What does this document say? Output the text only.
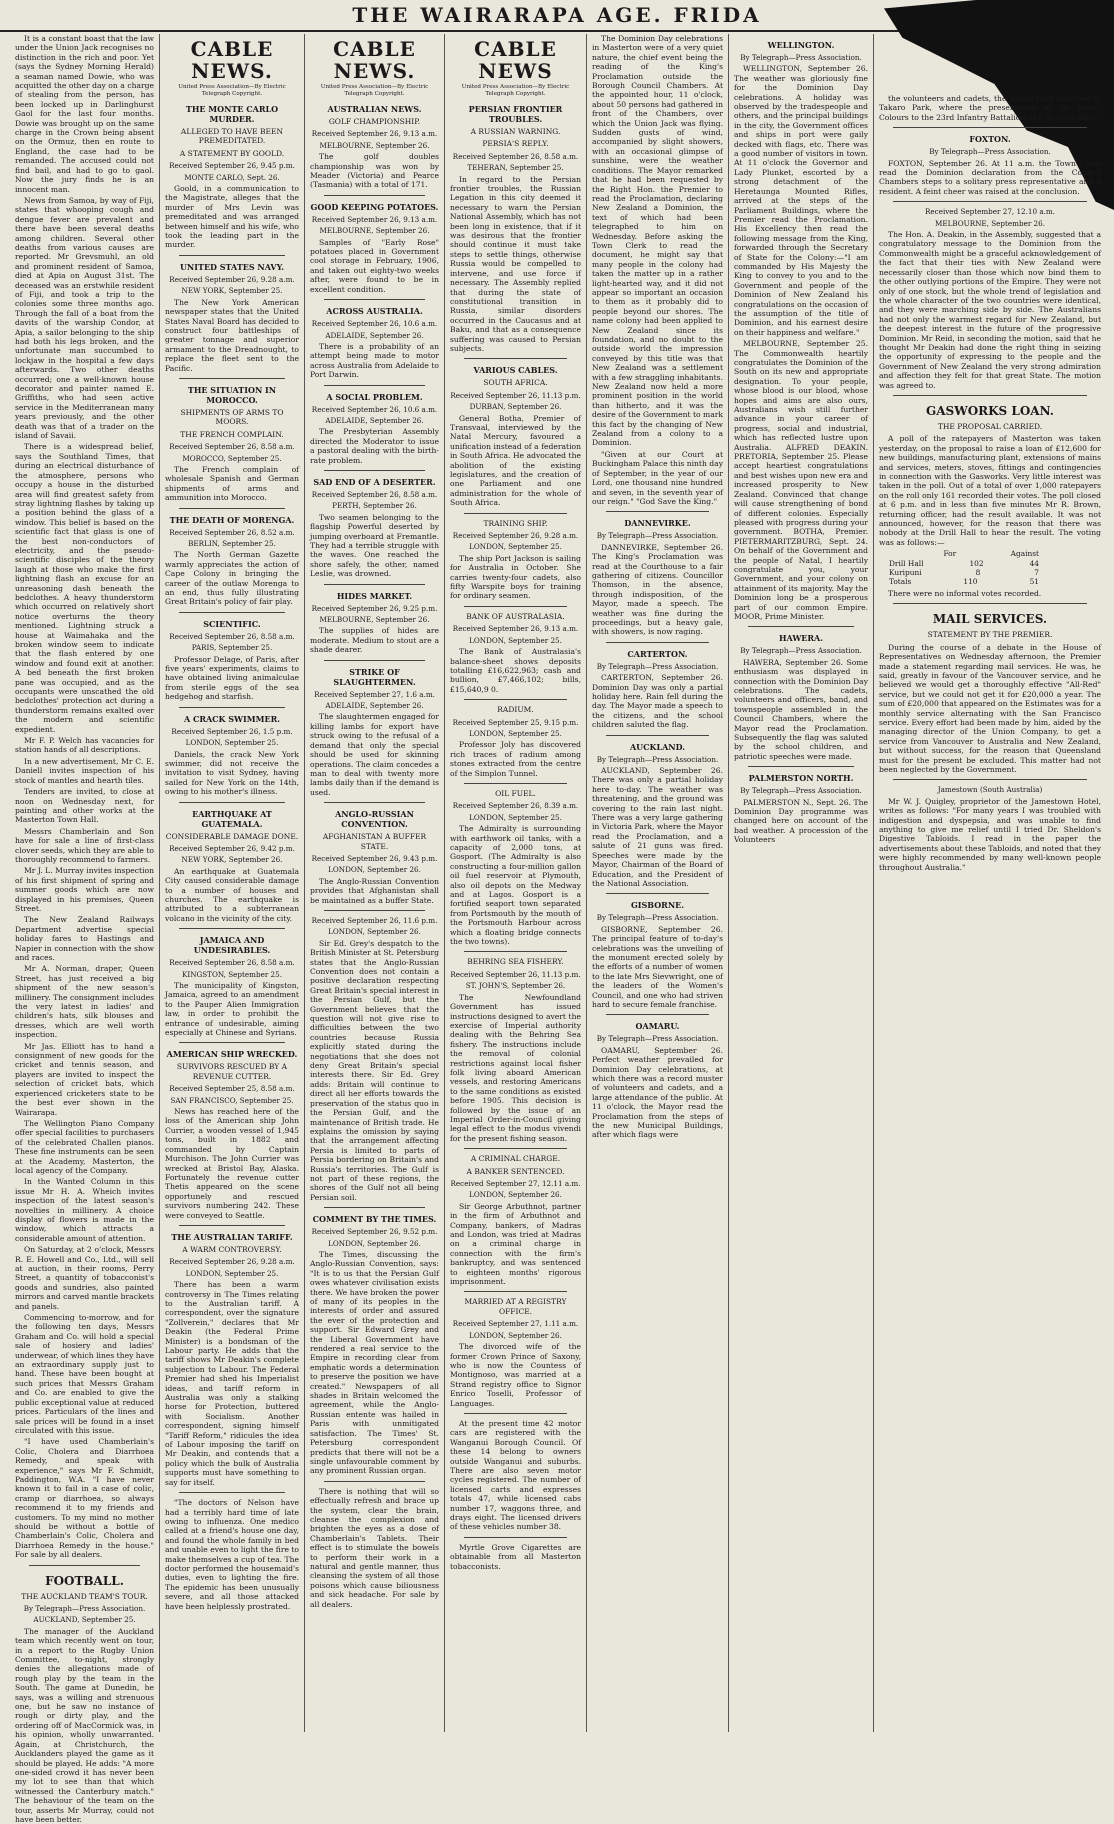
THE WAIRARAPA AGE. FRIDA

It is a constant boast that the law under the Union Jack recognises no distinction in the rich and poor. Yet (says the Sydney Morning Herald) a seaman named Dowie, who was acquitted the other day on a charge of stealing from the person, has been locked up in Darlinghurst Gaol for the last four months. Dowie was brought up on the same charge in the Crown being absent on the Ormuz, then en route to England, the case had to be remanded. The accused could not find bail, and had to go to gaol. Now the jury finds he is an innocent man.

News from Samoa, by way of Fiji, states that whooping cough and dengue fever are prevalent and there have been several deaths among children. Several other deaths from various causes are reported. Mr Grevsmuhl, an old and prominent resident of Samoa, died at Apia on August 31st. The deceased was an erstwhile resident of Fiji, and took a trip to the colonies some three months ago. Through the fall of a boat from the davits of the warship Condor, at Apia, a sailor belonging to the ship had both his legs broken, and the unfortunate man succumbed to lockjaw in the hospital a few days afterwards. Two other deaths occurred; one a well-known house decorator and painter named E. Griffiths, who had seen active service in the Mediterranean many years previously, and the other death was that of a trader on the island of Savaii.

There is a widespread belief, says the Southland Times, that during an electrical disturbance of the atmosphere, persons who occupy a house in the disturbed area will find greatest safety from stray lightning flashes by taking up a position behind the glass of a window. This belief is based on the scientific fact that glass is one of the best non-conductors of electricity, and the pseudo-scientific disciples of the theory laugh at those who make the first lightning flash an excuse for an unreasoning dash beneath the bedclothes. A heavy thunderstorm which occurred on relatively short notice overturns the theory mentioned. Lightning struck a house at Waimahaka and the broken window seem to indicate that the flash entered by one window and found exit at another. A bed beneath the first broken pane was occupied, and as the occupants were unscathed the old bedclothes' protection act during a thunderstorm remains exalted over the modern and scientific expedient.

Mr F. P. Welch has vacancies for station hands of all descriptions.

In a new advertisement, Mr C. E. Daniell invites inspection of his stock of mantles and hearth tiles.

Tenders are invited, to close at noon on Wednesday next, for painting and other works at the Masterton Town Hall.

Messrs Chamberlain and Son have for sale a line of first-class clover seeds, which they are able to thoroughly recommend to farmers.

Mr J. L. Murray invites inspection of his first shipment of spring and summer goods which are now displayed in his premises, Queen Street.

The New Zealand Railways Department advertise special holiday fares to Hastings and Napier in connection with the show and races.

Mr A. Norman, draper, Queen Street, has just received a big shipment of the new season's millinery. The consignment includes the very latest in ladies' and children's hats, silk blouses and dresses, which are well worth inspection.

Mr Jas. Elliott has to hand a consignment of new goods for the cricket and tennis season, and players are invited to inspect the selection of cricket bats, which experienced cricketers state to be the best ever shown in the Wairarapa.

The Wellington Piano Company offer special facilities to purchasers of the celebrated Challen pianos. These fine instruments can be seen at the Academy, Masterton, the local agency of the Company.

In the Wanted Column in this issue Mr H. A. Wheich invites inspection of the latest season's novelties in millinery. A choice display of flowers is made in the window, which attracts a considerable amount of attention.

On Saturday, at 2 o'clock, Messrs R. E. Howell and Co., Ltd., will sell at auction, in their rooms, Perry Street, a quantity of tobacconist's goods and sundries, also painted mirrors and carved mantle brackets and panels.

Commencing to-morrow, and for the following ten days, Messrs Graham and Co. will hold a special sale of hosiery and ladies' underwear, of which lines they have an extraordinary supply just to hand. These have been bought at such prices that Messrs Graham and Co. are enabled to give the public exceptional value at reduced prices. Particulars of the lines and sale prices will be found in a inset circulated with this issue.

"I have used Chamberlain's Colic, Cholera and Diarrhoea Remedy, and speak with experience," says Mr F. Schmidt, Paddington, W.A. "I have never known it to fail in a case of colic, cramp or diarrhoea, so always recommend it to my friends and customers. To my mind no mother should be without a bottle of Chamberlain's Colic, Cholera and Diarrhoea Remedy in the house." For sale by all dealers.

FOOTBALL.
THE AUCKLAND TEAM'S TOUR.
By Telegraph—Press Association.
AUCKLAND, September 25.

The manager of the Auckland team which recently went on tour, in a report to the Rugby Union Committee, to-night, strongly denies the allegations made of rough play by the team in the South. The game at Dunedin, he says, was a willing and strenuous one, but he saw no instance of rough or dirty play, and the ordering off of MacCormick was, in his opinion, wholly unwarranted. Again, at Christchurch, the Aucklanders played the game as it should be played. He adds: "A more one-sided crowd it has never been my lot to see than that which witnessed the Canterbury match." The behaviour of the team on the tour, asserts Mr Murray, could not have been better.

CABLE NEWS.
United Press Association—By Electric Telegraph Copyright.
THE MONTE CARLO MURDER.
ALLEGED TO HAVE BEEN PREMEDITATED.
A STATEMENT BY GOOLD.
Received September 26, 9.45 p.m.
MONTE CARLO, Sept. 26.

Goold, in a communication to the Magistrate, alleges that the murder of Mrs Levin was premeditated and was arranged between himself and his wife, who took the leading part in the murder.

UNITED STATES NAVY.
Received September 26, 9.28 a.m.
NEW YORK, September 25.

The New York American newspaper states that the United States Naval Board has decided to construct four battleships of greater tonnage and superior armament to the Dreadnought, to replace the fleet sent to the Pacific.

THE SITUATION IN MOROCCO.
SHIPMENTS OF ARMS TO MOORS.
THE FRENCH COMPLAIN.
Received September 26, 8.58 a.m.
MOROCCO, September 25.

The French complain of wholesale Spanish and German shipments of arms and ammunition into Morocco.

THE DEATH OF MORENGA.
Received September 26, 8.52 a.m.
BERLIN, September 25.

The North German Gazette warmly appreciates the action of Cape Colony in bringing the career of the outlaw Morenga to an end, thus fully illustrating Great Britain's policy of fair play.

SCIENTIFIC.
Received September 26, 8.58 a.m.
PARIS, September 25.

Professor Delage, of Paris, after five years' experiments, claims to have obtained living animalculae from sterile eggs of the sea hedgehog and starfish.

A CRACK SWIMMER.
Received September 26, 1.5 p.m.
LONDON, September 25.

Daniels, the crack New York swimmer, did not receive the invitation to visit Sydney, having sailed for New York on the 14th, owing to his mother's illness.

EARTHQUAKE AT GUATEMALA.
CONSIDERABLE DAMAGE DONE.
Received September 26, 9.42 p.m.
NEW YORK, September 26.

An earthquake at Guatemala City caused considerable damage to a number of houses and churches. The earthquake is attributed to a subterranean volcano in the vicinity of the city.

JAMAICA AND UNDESIRABLES.
Received September 26, 8.58 a.m.
KINGSTON, September 25.

The municipality of Kingston, Jamaica, agreed to an amendment to the Pauper Alien Immigration law, in order to prohibit the entrance of undesirable, aiming especially at Chinese and Syrians.

AMERICAN SHIP WRECKED.
SURVIVORS RESCUED BY A REVENUE CUTTER.
Received September 25, 8.58 a.m.
SAN FRANCISCO, September 25.

News has reached here of the loss of the American ship John Currier, a wooden vessel of 1,945 tons, built in 1882 and commanded by Captain Murchison. The John Currier was wrecked at Bristol Bay, Alaska. Fortunately the revenue cutter Thetis appeared on the scene opportunely and rescued survivors numbering 242. These were conveyed to Seattle.

THE AUSTRALIAN TARIFF.
A WARM CONTROVERSY.
Received September 26, 9.28 a.m.
LONDON, September 25.

There has been a warm controversy in The Times relating to the Australian tariff. A correspondent, over the signature "Zollverein," declares that Mr Deakin (the Federal Prime Minister) is a bondsman of the Labour party. He adds that the tariff shows Mr Deakin's complete subjection to Labour. The Federal Premier had shed his Imperialist ideas, and tariff reform in Australia was only a stalking horse for Protection, buttered with Socialism. Another correspondent, signing himself "Tariff Reform," ridicules the idea of Labour imposing the tariff on Mr Deakin, and contends that a policy which the bulk of Australia supports must have something to say for itself.

"The doctors of Nelson have had a terribly hard time of late owing to influenza. One medico called at a friend's house one day, and found the whole family in bed and unable even to light the fire to make themselves a cup of tea. The doctor performed the housemaid's duties, even to lighting the fire. The epidemic has been unusually severe, and all those attacked have been helplessly prostrated.

CABLE NEWS.
United Press Association—By Electric Telegraph Copyright.
AUSTRALIAN NEWS.
GOLF CHAMPIONSHIP.
Received September 26, 9.13 a.m.
MELBOURNE, September 26.

The golf doubles championship was won by Meader (Victoria) and Pearce (Tasmania) with a total of 171.

GOOD KEEPING POTATOES.
Received September 26, 9.13 a.m.
MELBOURNE, September 26.

Samples of "Early Rose" potatoes placed in Government cool storage in February, 1906, and taken out eighty-two weeks after, were found to be in excellent condition.

ACROSS AUSTRALIA.
Received September 26, 10.6 a.m.
ADELAIDE, September 26.

There is a probability of an attempt being made to motor across Australia from Adelaide to Port Darwin.

A SOCIAL PROBLEM.
Received September 26, 10.6 a.m.
ADELAIDE, September 26.

The Presbyterian Assembly directed the Moderator to issue a pastoral dealing with the birth-rate problem.

SAD END OF A DESERTER.
Received September 26, 8.58 a.m.
PERTH, September 26.

Two seamen belonging to the flagship Powerful deserted by jumping overboard at Fremantle. They had a terrible struggle with the waves. One reached the shore safely, the other, named Leslie, was drowned.

HIDES MARKET.
Received September 26, 9.25 p.m.
MELBOURNE, September 26.

The supplies of hides are moderate. Medium to stout are a shade dearer.

STRIKE OF SLAUGHTERMEN.
Received September 27, 1.6 a.m.
ADELAIDE, September 26.

The slaughtermen engaged for killing lambs for export have struck owing to the refusal of a demand that only the special should be used for skinning operations. The claim concedes a man to deal with twenty more lambs daily than if the demand is used.

ANGLO-RUSSIAN CONVENTION.
AFGHANISTAN A BUFFER STATE.
Received September 26, 9.43 p.m.
LONDON, September 26.

The Anglo-Russian Convention provides that Afghanistan shall be maintained as a buffer State.

Received September 26, 11.6 p.m.
LONDON, September 26.

Sir Ed. Grey's despatch to the British Minister at St. Petersburg states that the Anglo-Russian Convention does not contain a positive declaration respecting Great Britain's special interest in the Persian Gulf, but the Government believes that the question will not give rise to difficulties between the two countries because Russia explicitly stated during the negotiations that she does not deny Great Britain's special interests there. Sir Ed. Grey adds: Britain will continue to direct all her efforts towards the preservation of the status quo in the Persian Gulf, and the maintenance of British trade. He explains the omission by saying that the arrangement affecting Persia is limited to parts of Persia bordering on Britain's and Russia's territories. The Gulf is not part of these regions, the shores of the Gulf not all being Persian soil.

COMMENT BY THE TIMES.
Received September 26, 9.52 p.m.
LONDON, September 26.

The Times, discussing the Anglo-Russian Convention, says: "It is to us that the Persian Gulf owes whatever civilisation exists there. We have broken the power of many of its peoples in the interests of order and assured the ever of the protection and support. Sir Edward Grey and the Liberal Government have rendered a real service to the Empire in recording clear from emphatic words a determination to preserve the position we have created." Newspapers of all shades in Britain welcomed the agreement, while the Anglo-Russian entente was hailed in Paris with unmitigated satisfaction. The Times' St. Petersburg correspondent predicts that there will not be a single unfavourable comment by any prominent Russian organ.

There is nothing that will so effectually refresh and brace up the system, clear the brain, cleanse the complexion and brighten the eyes as a dose of Chamberlain's Tablets. Their effect is to stimulate the bowels to perform their work in a natural and gentle manner, thus cleansing the system of all those poisons which cause biliousness and sick headache. For sale by all dealers.

CABLE NEWS
United Press Association—By Electric Telegraph Copyright.
PERSIAN FRONTIER TROUBLES.
A RUSSIAN WARNING.
PERSIA'S REPLY.
Received September 26, 8.58 a.m.
TEHERAN, September 25.

In regard to the Persian frontier troubles, the Russian Legation in this city deemed it necessary to warn the Persian National Assembly, which has not been long in existence, that if it was desirous that the frontier should continue it must take steps to settle things, otherwise Russia would be compelled to intervene, and use force if necessary. The Assembly replied that during the state of constitutional transition in Russia, similar disorders occurred in the Caucasus and at Baku, and that as a consequence suffering was caused to Persian subjects.

VARIOUS CABLES.
SOUTH AFRICA.
Received September 26, 11.13 p.m.
DURBAN, September 26.

General Botha, Premier of Transvaal, interviewed by the Natal Mercury, favoured a unification instead of a federation in South Africa. He advocated the abolition of the existing legislatures, and the creation of one Parliament and one administration for the whole of South Africa.

TRAINING SHIP.
Received September 26, 9.28 a.m.
LONDON, September 25.

The ship Port Jackson is sailing for Australia in October. She carries twenty-four cadets, also fifty Warspite boys for training for ordinary seamen.

BANK OF AUSTRALASIA.
Received September 26, 9.13 a.m.
LONDON, September 25.

The Bank of Australasia's balance-sheet shows deposits totalling £16,622,963; cash and bullion, £7,466,102; bills, £15,640,9 0.

RADIUM.
Received September 25, 9.15 p.m.
LONDON, September 25.

Professor Joly has discovered rich traces of radium among stones extracted from the centre of the Simplon Tunnel.

OIL FUEL.
Received September 26, 8.39 a.m.
LONDON, September 25.

The Admiralty is surrounding with earthwork oil tanks, with a capacity of 2,000 tons, at Gosport. (The Admiralty is also constructing a four-million gallon oil fuel reservoir at Plymouth, also oil depots on the Medway and at Lagos. Gosport is a fortified seaport town separated from Portsmouth by the mouth of the Portsmouth Harbour across which a floating bridge connects the two towns).

BEHRING SEA FISHERY.
Received September 26, 11.13 p.m.
ST. JOHN'S, September 26.

The Newfoundland Government has issued instructions designed to avert the exercise of Imperial authority dealing with the Behring Sea fishery. The instructions include the removal of colonial restrictions against local fisher folk living aboard American vessels, and restoring Americans to the same conditions as existed before 1905. This decision is followed by the issue of an Imperial Order-in-Council giving legal effect to the modus vivendi for the present fishing season.

A CRIMINAL CHARGE.
A BANKER SENTENCED.
Received September 27, 12.11 a.m.
LONDON, September 26.

Sir George Arbuthnot, partner in the firm of Arbuthnot and Company, bankers, of Madras and London, was tried at Madras on a criminal charge in connection with the firm's bankruptcy, and was sentenced to eighteen months' rigorous imprisonment.

MARRIED AT A REGISTRY OFFICE.
Received September 27, 1.11 a.m.
LONDON, September 26.

The divorced wife of the former Crown Prince of Saxony, who is now the Countess of Montignoso, was married at a Strand registry office to Signor Enrico Toselli, Professor of Languages.

At the present time 42 motor cars are registered with the Wanganui Borough Council. Of these 14 belong to owners outside Wanganui and suburbs. There are also seven motor cycles registered. The number of licensed carts and expresses totals 47, while licensed cabs number 17, waggons three, and drays eight. The licensed drivers of these vehicles number 38.

Myrtle Grove Cigarettes are obtainable from all Masterton tobacconists.

The Dominion Day celebrations in Masterton were of a very quiet nature, the chief event being the reading of the King's Proclamation outside the Borough Council Chambers. At the appointed hour, 11 o'clock, about 50 persons had gathered in front of the Chambers, over which the Union Jack was flying. Sudden gusts of wind, accompanied by slight showers, with an occasional glimpse of sunshine, were the weather conditions. The Mayor remarked that he had been requested by the Right Hon. the Premier to read the Proclamation, declaring New Zealand a Dominion, the text of which had been telegraphed to him on Wednesday. Before asking the Town Clerk to read the document, he might say that many people in the colony had taken the matter up in a rather light-hearted way, and it did not appear so important an occasion to them as it probably did to people beyond our shores. The name colony had been applied to New Zealand since its foundation, and no doubt to the outside world the impression conveyed by this title was that New Zealand was a settlement with a few straggling inhabitants. New Zealand now held a more prominent position in the world than hitherto, and it was the desire of the Government to mark this fact by the changing of New Zealand from a colony to a Dominion.

"Given at our Court at Buckingham Palace this ninth day of September, in the year of our Lord, one thousand nine hundred and seven, in the seventh year of our reign." "God Save the King."

DANNEVIRKE.
By Telegraph—Press Association.

DANNEVIRKE, September 26. The King's Proclamation was read at the Courthouse to a fair gathering of citizens. Councillor Thomson, in the absence, through indisposition, of the Mayor, made a speech. The weather was fine during the proceedings, but a heavy gale, with showers, is now raging.

CARTERTON.
By Telegraph—Press Association.

CARTERTON, September 26. Dominion Day was only a partial holiday here. Rain fell during the day. The Mayor made a speech to the citizens, and the school children saluted the flag.

AUCKLAND.
By Telegraph—Press Association.

AUCKLAND, September 26. There was only a partial holiday here to-day. The weather was threatening, and the ground was covering to the rain last night. There was a very large gathering in Victoria Park, where the Mayor read the Proclamation, and a salute of 21 guns was fired. Speeches were made by the Mayor, Chairman of the Board of Education, and the President of the National Association.

GISBORNE.
By Telegraph—Press Association.

GISBORNE, September 26. The principal feature of to-day's celebrations was the unveiling of the monument erected solely by the efforts of a number of women to the late Mrs Sievwright, one of the leaders of the Women's Council, and one who had striven hard to secure female franchise.

OAMARU.
By Telegraph—Press Association.

OAMARU, September 26. Perfect weather prevailed for Dominion Day celebrations, at which there was a record muster of volunteers and cadets, and a large attendance of the public. At 11 o'clock, the Mayor read the Proclamation from the steps of the new Municipal Buildings, after which flags were

WELLINGTON.
By Telegraph—Press Association.

WELLINGTON, September 26. The weather was gloriously fine for the Dominion Day celebrations. A holiday was observed by the tradespeople and others, and the principal buildings in the city, the Government offices and ships in port were gaily decked with flags, etc. There was a good number of visitors in town. At 11 o'clock the Governor and Lady Plunket, escorted by a strong detachment of the Heretaunga Mounted Rifles, arrived at the steps of the Parliament Buildings, where the Premier read the Proclamation. His Excellency then read the following message from the King, forwarded through the Secretary of State for the Colony:—"I am commanded by His Majesty the King to convey to you and to the Government and people of the Dominion of New Zealand his congratulations on the occasion of the assumption of the title of Dominion, and his earnest desire on their happiness and welfare."

MELBOURNE, September 25. The Commonwealth heartily congratulates the Dominion of the South on its new and appropriate designation. To your people, whose blood is our blood, whose hopes and aims are also ours, Australians wish still further advance in your career of progress, social and industrial, which has reflected lustre upon Australia. ALFRED DEAKIN. PRETORIA, September 25. Please accept heartiest congratulations and best wishes upon new era and increased prosperity to New Zealand. Convinced that change will cause strengthening of bond of different colonies. Especially pleased with progress during your government. BOTHA, Premier. PIETERMARITZBURG, Sept. 24. On behalf of the Government and the people of Natal, I heartily congratulate you, your Government, and your colony on attainment of its majority. May the Dominion long be a prosperous part of our common Empire. MOOR, Prime Minister.

HAWERA.
By Telegraph—Press Association.

HAWERA, September 26. Some enthusiasm was displayed in connection with the Dominion Day celebrations. The cadets, volunteers and officers, band, and townspeople assembled in the Council Chambers, where the Mayor read the Proclamation. Subsequently the flag was saluted by the school children, and patriotic speeches were made.

PALMERSTON NORTH.
By Telegraph—Press Association.

PALMERSTON N., Sept. 26. The Dominion Day programme was changed here on account of the bad weather. A procession of the Volunteers

the volunteers and cadets, the troops then marched to Takaro Park, where the presentation of the King's Colours to the 23rd Infantry Battalion, O.E.V., took place.

FOXTON.
By Telegraph—Press Association.

FOXTON, September 26. At 11 a.m. the Town Clerk read the Dominion declaration from the Council Chambers steps to a solitary press representative and a resident. A feint cheer was raised at the conclusion.

Received September 27, 12.10 a.m.
MELBOURNE, September 26.

The Hon. A. Deakin, in the Assembly, suggested that a congratulatory message to the Dominion from the Commonwealth might be a graceful acknowledgement of the fact that their ties with New Zealand were necessarily closer than those which now bind them to the other outlying portions of the Empire. They were not only of one stock, but the whole trend of legislation and the whole character of the two countries were identical, and they were marching side by side. The Australians had not only the warmest regard for New Zealand, but the deepest interest in the future of the progressive Dominion. Mr Reid, in seconding the motion, said that he thought Mr Deakin had done the right thing in seizing the opportunity of expressing to the people and the Government of New Zealand the very strong admiration and affection they felt for that great State. The motion was agreed to.

GASWORKS LOAN.
THE PROPOSAL CARRIED.

A poll of the ratepayers of Masterton was taken yesterday, on the proposal to raise a loan of £12,600 for new buildings, manufacturing plant, extensions of mains and services, meters, stoves, fittings and contingencies in connection with the Gasworks. Very little interest was taken in the poll. Out of a total of over 1,000 ratepayers on the roll only 161 recorded their votes. The poll closed at 6 p.m. and in less than five minutes Mr R. Brown, returning officer, had the result available. It was not announced, however, for the reason that there was nobody at the Drill Hall to hear the result. The voting was as follows:—

For	Against
Drill Hall	102	44
Kuripuni	8	7
Totals	110	51

There were no informal votes recorded.

MAIL SERVICES.
STATEMENT BY THE PREMIER.

During the course of a debate in the House of Representatives on Wednesday afternoon, the Premier made a statement regarding mail services. He was, he said, greatly in favour of the Vancouver service, and he believed we would get a thoroughly effective "All-Red" service, but we could not get it for £20,000 a year. The sum of £20,000 that appeared on the Estimates was for a monthly service alternating with the San Francisco service. Every effort had been made by him, aided by the managing director of the Union Company, to get a service from Vancouver to Australia and New Zealand, but without success, for the reason that Queensland must for the present be excluded. This matter had not been neglected by the Government.

Jamestown (South Australia)

Mr W. J. Quigley, proprietor of the Jamestown Hotel, writes as follows: "For many years I was troubled with indigestion and dyspepsia, and was unable to find anything to give me relief until I tried Dr. Sheldon's Digestive Tabloids. I read in the paper the advertisements about these Tabloids, and noted that they were highly recommended by many well-known people throughout Australia."
